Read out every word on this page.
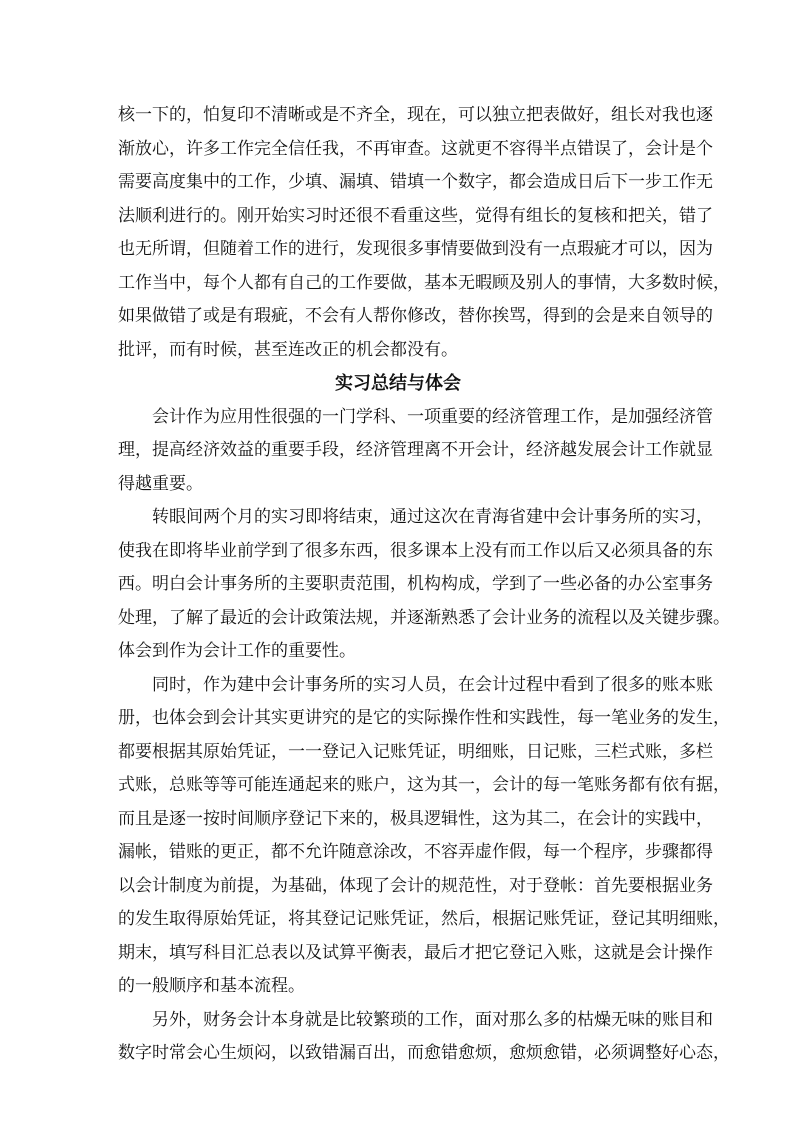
核一下的，怕复印不清晰或是不齐全，现在，可以独立把表做好，组长对我也逐
渐放心，许多工作完全信任我，不再审查。这就更不容得半点错误了，会计是个
需要高度集中的工作，少填、漏填、错填一个数字，都会造成日后下一步工作无
法顺利进行的。刚开始实习时还很不看重这些，觉得有组长的复核和把关，错了
也无所谓，但随着工作的进行，发现很多事情要做到没有一点瑕疵才可以，因为
工作当中，每个人都有自己的工作要做，基本无暇顾及别人的事情，大多数时候，
如果做错了或是有瑕疵，不会有人帮你修改，替你挨骂，得到的会是来自领导的
批评，而有时候，甚至连改正的机会都没有。
实习总结与体会
会计作为应用性很强的一门学科、一项重要的经济管理工作，是加强经济管
理，提高经济效益的重要手段，经济管理离不开会计，经济越发展会计工作就显
得越重要。
转眼间两个月的实习即将结束，通过这次在青海省建中会计事务所的实习，
使我在即将毕业前学到了很多东西，很多课本上没有而工作以后又必须具备的东
西。明白会计事务所的主要职责范围，机构构成，学到了一些必备的办公室事务
处理，了解了最近的会计政策法规，并逐渐熟悉了会计业务的流程以及关键步骤。
体会到作为会计工作的重要性。
同时，作为建中会计事务所的实习人员，在会计过程中看到了很多的账本账
册，也体会到会计其实更讲究的是它的实际操作性和实践性，每一笔业务的发生，
都要根据其原始凭证，一一登记入记账凭证，明细账，日记账，三栏式账，多栏
式账，总账等等可能连通起来的账户，这为其一，会计的每一笔账务都有依有据，
而且是逐一按时间顺序登记下来的，极具逻辑性，这为其二，在会计的实践中，
漏帐，错账的更正，都不允许随意涂改，不容弄虚作假，每一个程序，步骤都得
以会计制度为前提，为基础，体现了会计的规范性，对于登帐：首先要根据业务
的发生取得原始凭证，将其登记记账凭证，然后，根据记账凭证，登记其明细账，
期末，填写科目汇总表以及试算平衡表，最后才把它登记入账，这就是会计操作
的一般顺序和基本流程。
另外，财务会计本身就是比较繁琐的工作，面对那么多的枯燥无味的账目和
数字时常会心生烦闷，以致错漏百出，而愈错愈烦，愈烦愈错，必须调整好心态，
